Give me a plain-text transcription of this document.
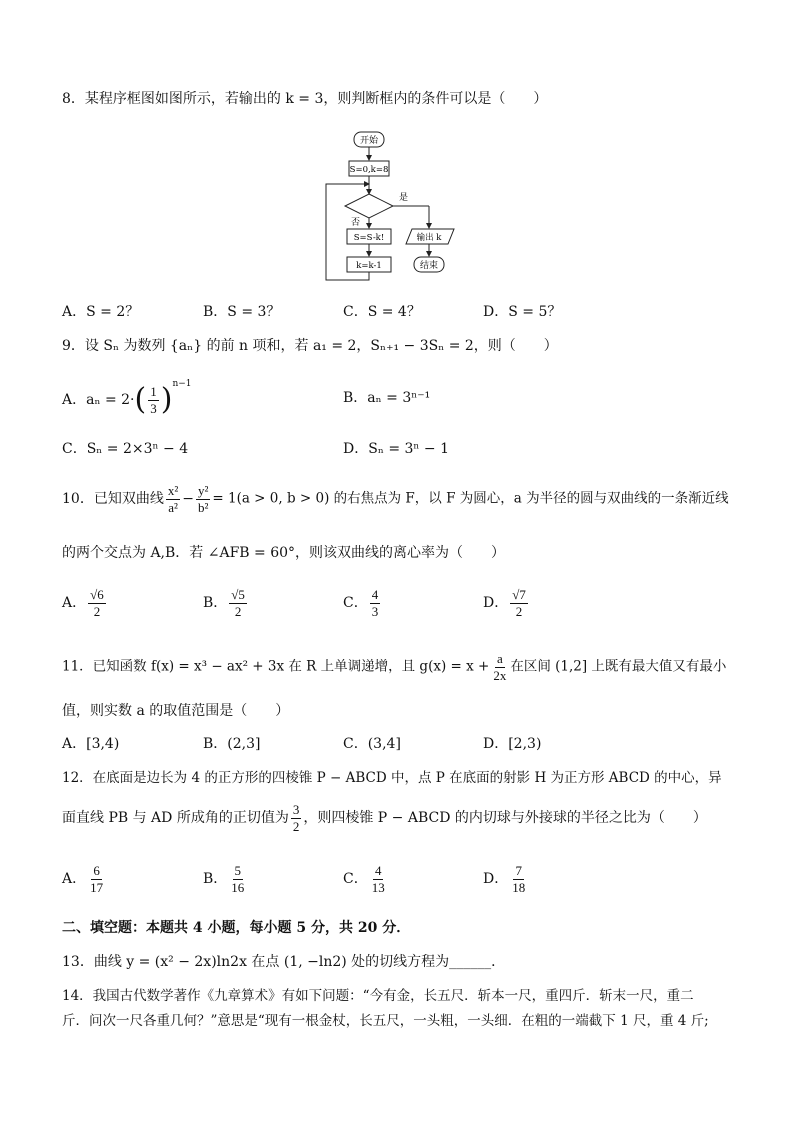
8．某程序框图如图所示，若输出的 k = 3，则判断框内的条件可以是（　　）
开始
S=0,k=8
是
否
S=S-k!
k=k-1
输出 k
结束
A．S = 2？	B．S = 3？	C．S = 4？	D．S = 5？
9．设 Sₙ 为数列 {aₙ} 的前 n 项和，若 a₁ = 2，Sₙ₊₁ − 3Sₙ = 2，则（　　）
A．$a_n = 2\cdot( \frac{1}{3} )^{n-1}$
B．aₙ = 3ⁿ⁻¹
C．Sₙ = 2×3ⁿ − 4	D．Sₙ = 3ⁿ − 1
10．已知双曲线 $\frac{\text{x²}}{\text{a²}} - \frac{\text{y²}}{\text{b²}} = 1(a > 0$, b > 0) 的右焦点为 F，以 F 为圆心，a 为半径的圆与双曲线的一条渐近线
的两个交点为 A,B．若 ∠AFB = 60°，则该双曲线的离心率为（　　）
A． $\frac{√6}{2}$	B． $\frac{√5}{2}$	C． $\frac{4}{3}$	D． $\frac{√7}{2}$
11．已知函数 f(x) = x³ − ax² + 3x 在 R 上单调递增，且 $g(x) = x + \frac{a}{2x}$ 在区间 (1,2] 上既有最大值又有最小
值，则实数 a 的取值范围是（　　）
A．[3,4)	B．(2,3]	C．(3,4]	D．[2,3)
12．在底面是边长为 4 的正方形的四棱锥 P − ABCD 中，点 P 在底面的射影 H 为正方形 ABCD 的中心，异
面直线 PB 与 AD 所成角的正切值为 $\frac{3}{2}$ ，则四棱锥 P − ABCD 的内切球与外接球的半径之比为（　　）
A． $\frac{6}{17}$	B． $\frac{5}{16}$	C． $\frac{4}{13}$	D． $\frac{7}{18}$
二、填空题：本题共 4 小题，每小题 5 分，共 20 分．
13．曲线 y = (x² − 2x)ln2x 在点 (1, −ln2) 处的切线方程为______．
14．我国古代数学著作《九章算术》有如下问题：“今有金，长五尺．斩本一尺，重四斤．斩末一尺，重二
斤．问次一尺各重几何？”意思是“现有一根金杖，长五尺，一头粗，一头细．在粗的一端截下 1 尺，重 4 斤;
